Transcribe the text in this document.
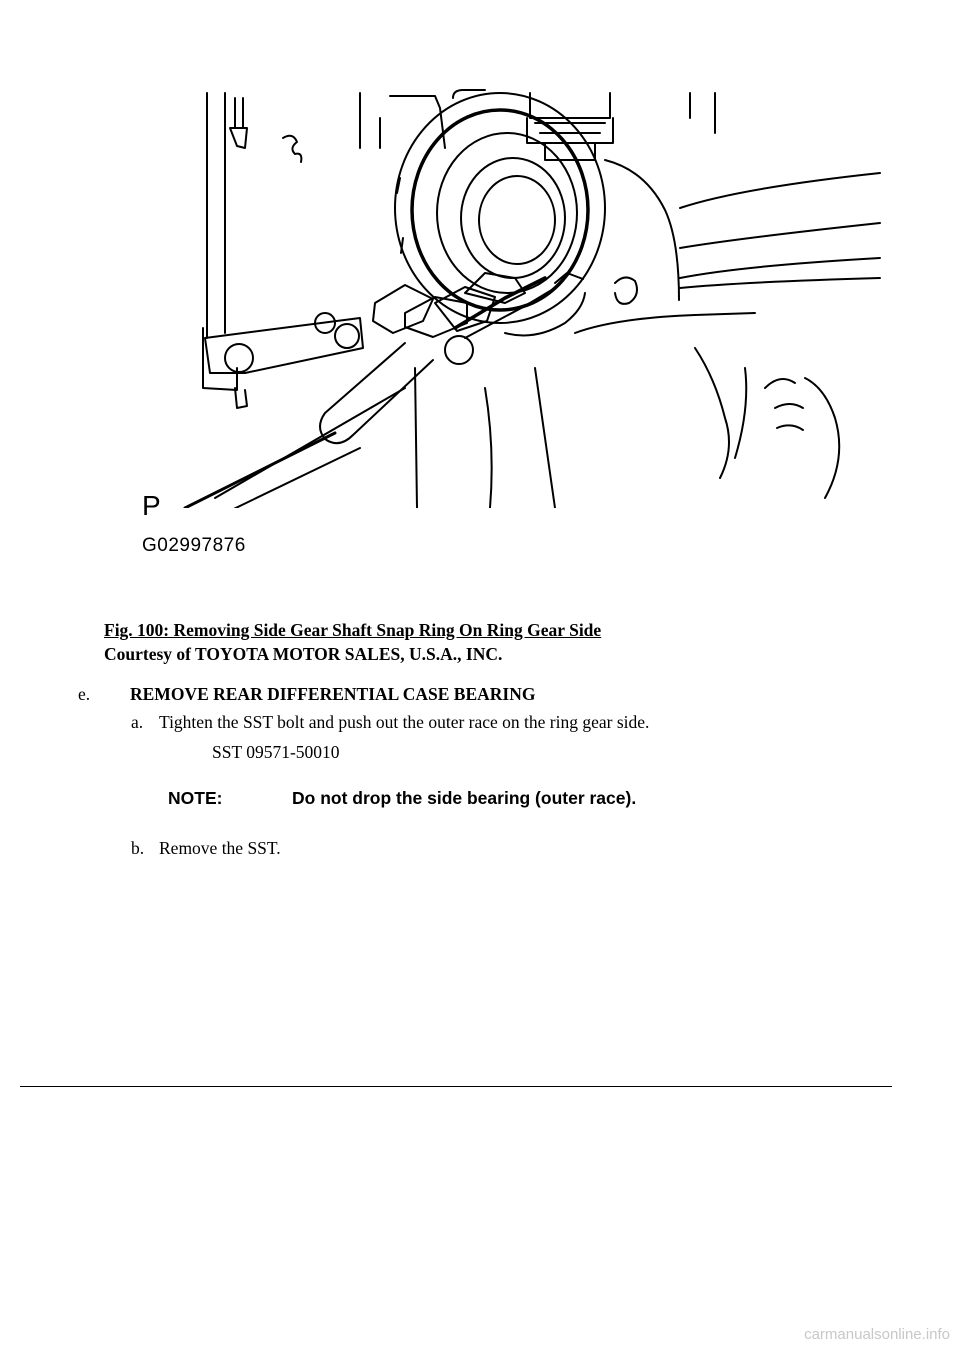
P
G02997876
Fig. 100: Removing Side Gear Shaft Snap Ring On Ring Gear Side
Courtesy of TOYOTA MOTOR SALES, U.S.A., INC.
e. REMOVE REAR DIFFERENTIAL CASE BEARING
a. Tighten the SST bolt and push out the outer race on the ring gear side.
SST 09571-50010
NOTE:	Do not drop the side bearing (outer race).
b. Remove the SST.
carmanualsonline.info
